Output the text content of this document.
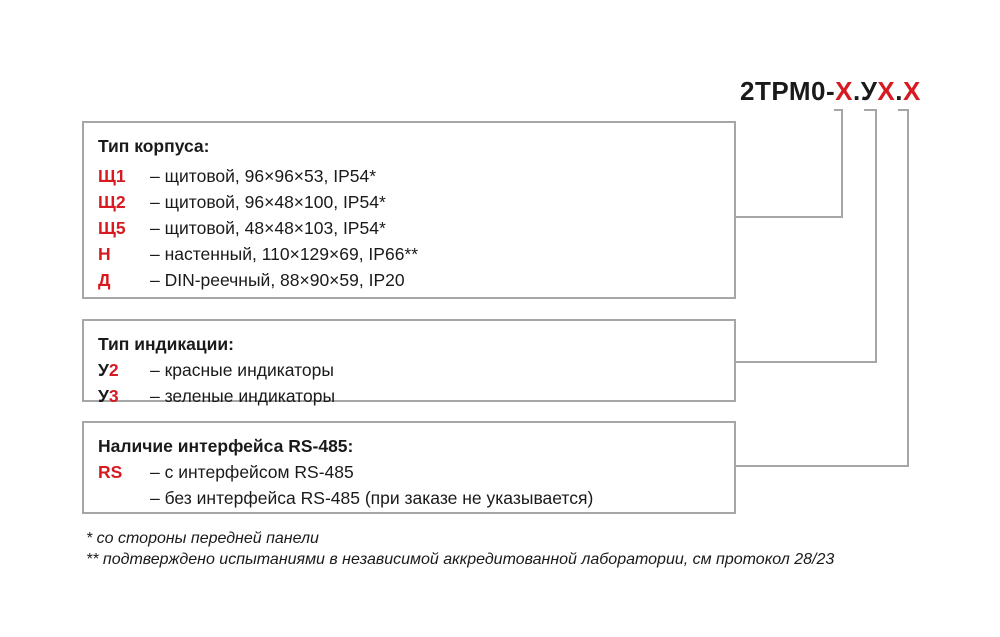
2ТРМ0-Х.УХ.Х
Тип корпуса:
Щ1 – щитовой, 96×96×53, IP54*
Щ2 – щитовой, 96×48×100, IP54*
Щ5 – щитовой, 48×48×103, IP54*
Н – настенный, 110×129×69, IP66**
Д – DIN-реечный, 88×90×59, IP20
Тип индикации:
У2 – красные индикаторы
У3 – зеленые индикаторы
Наличие интерфейса RS-485:
RS – с интерфейсом RS-485
– без интерфейса RS-485 (при заказе не указывается)
* со стороны передней панели
** подтверждено испытаниями в независимой аккредитованной лаборатории, см протокол 28/23
